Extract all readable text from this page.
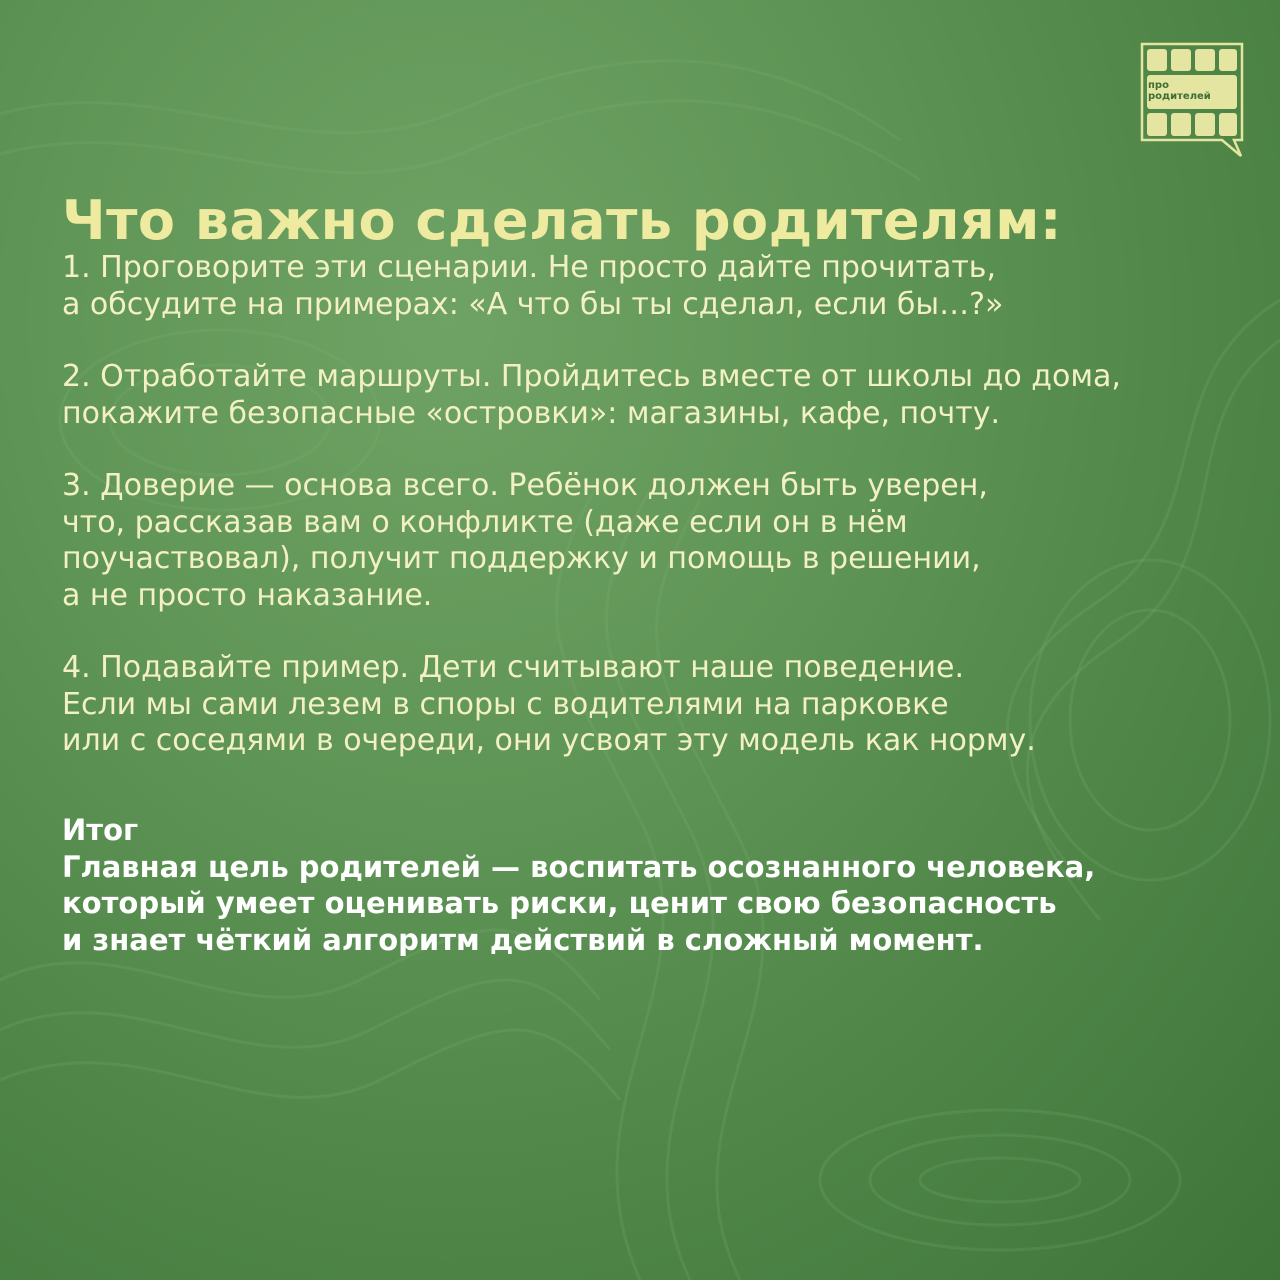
про
родителей
Что важно сделать родителям:
1. Проговорите эти сценарии. Не просто дайте прочитать,
а обсудите на примерах: «А что бы ты сделал, если бы…?»
2. Отработайте маршруты. Пройдитесь вместе от школы до дома,
покажите безопасные «островки»: магазины, кафе, почту.
3. Доверие — основа всего. Ребёнок должен быть уверен,
что, рассказав вам о конфликте (даже если он в нём
поучаствовал), получит поддержку и помощь в решении,
а не просто наказание.
4. Подавайте пример. Дети считывают наше поведение.
Если мы сами лезем в споры с водителями на парковке
или с соседями в очереди, они усвоят эту модель как норму.
Итог
Главная цель родителей — воспитать осознанного человека,
который умеет оценивать риски, ценит свою безопасность
и знает чёткий алгоритм действий в сложный момент.
